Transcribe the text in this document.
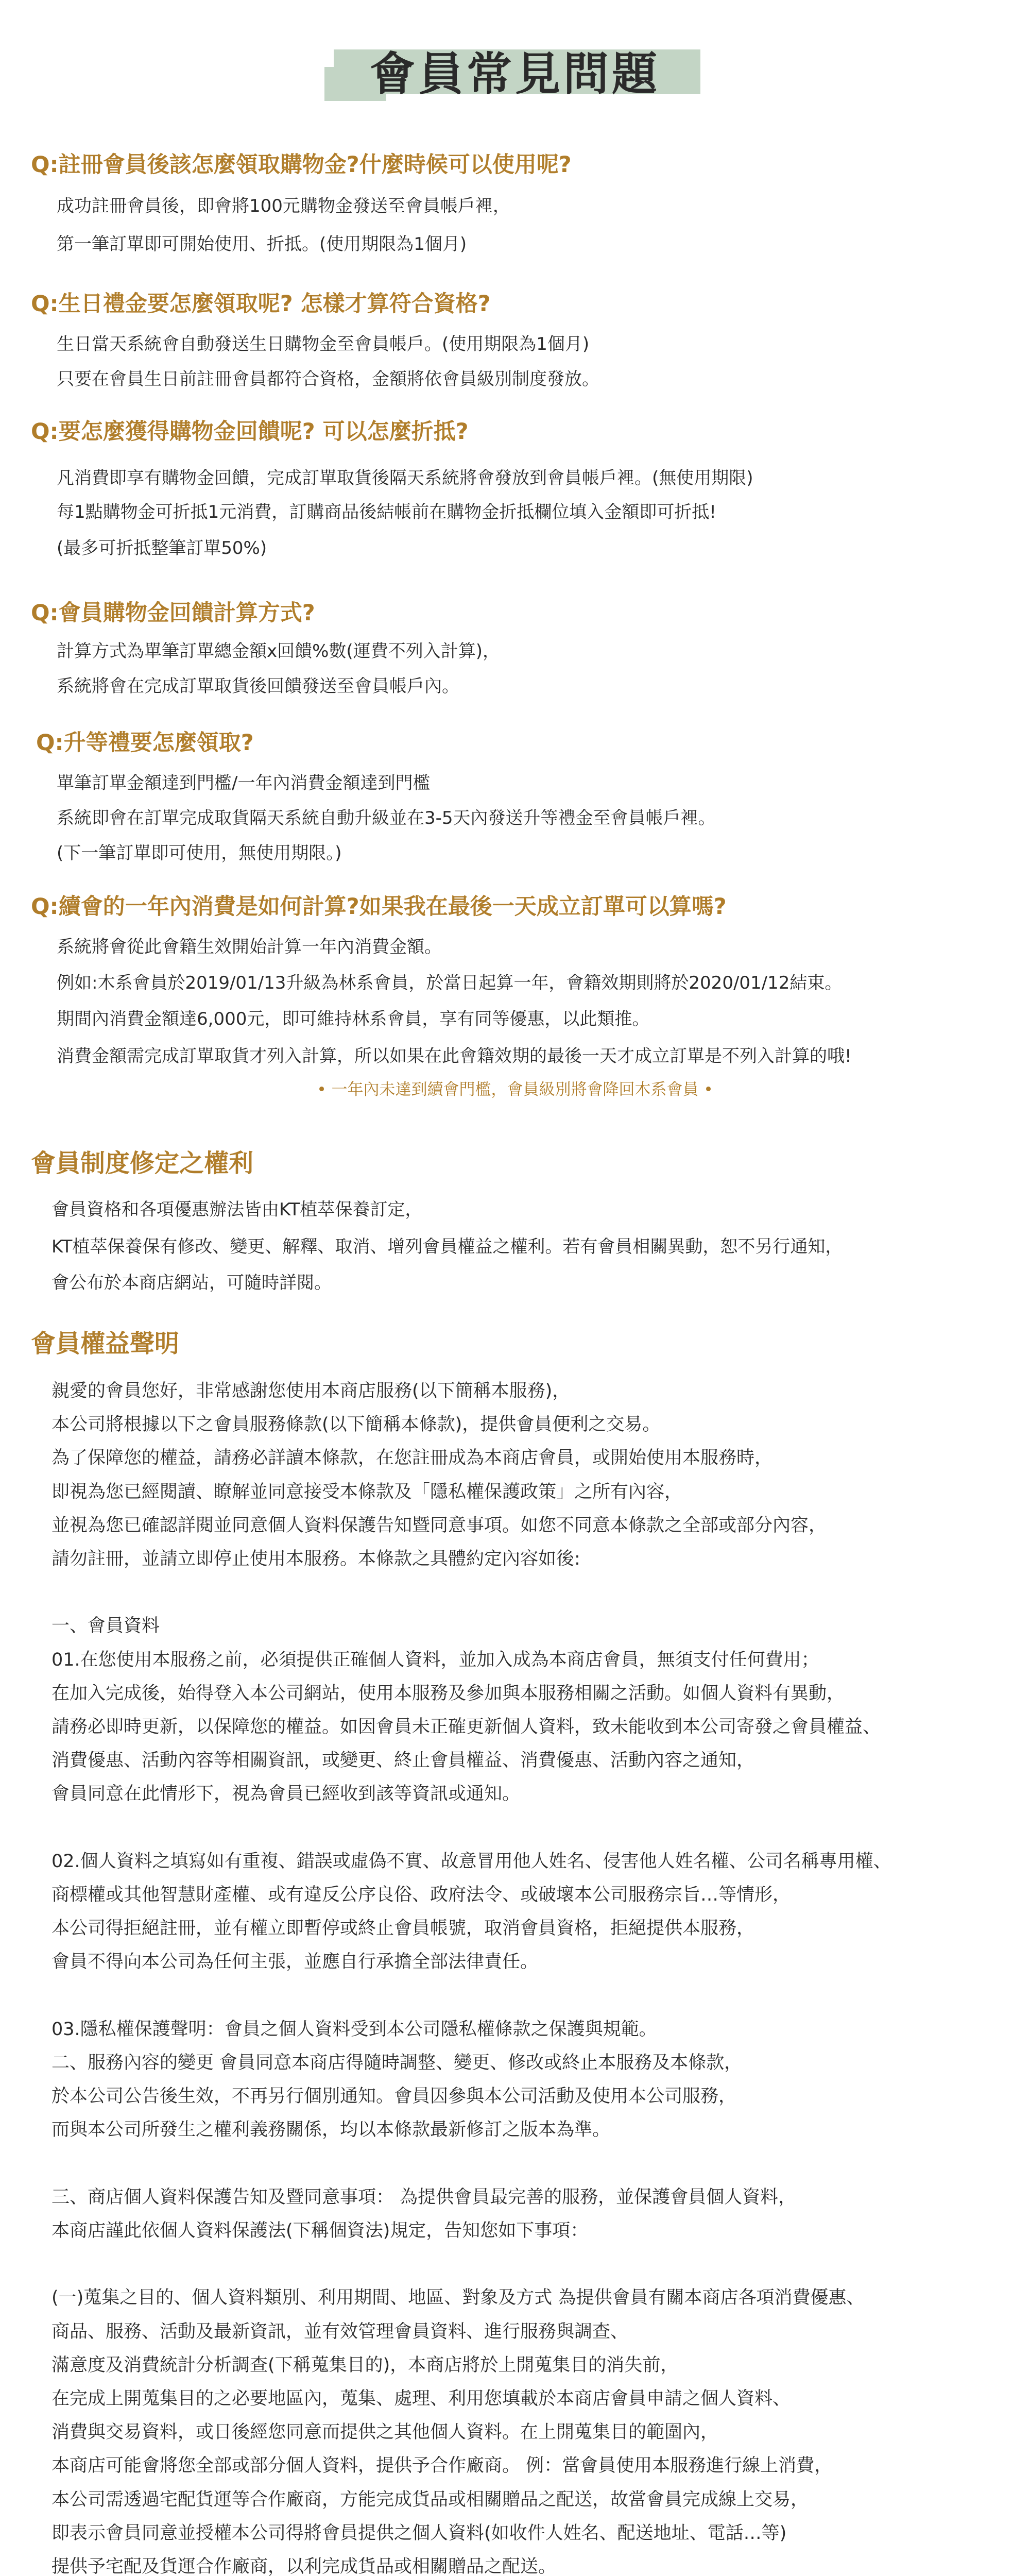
會員常見問題
Q:註冊會員後該怎麼領取購物金?什麼時候可以使用呢?
成功註冊會員後，即會將100元購物金發送至會員帳戶裡，
第一筆訂單即可開始使用、折抵。(使用期限為1個月)
Q:生日禮金要怎麼領取呢? 怎樣才算符合資格?
生日當天系統會自動發送生日購物金至會員帳戶。(使用期限為1個月)
只要在會員生日前註冊會員都符合資格，金額將依會員級別制度發放。
Q:要怎麼獲得購物金回饋呢? 可以怎麼折抵?
凡消費即享有購物金回饋，完成訂單取貨後隔天系統將會發放到會員帳戶裡。(無使用期限)
每1點購物金可折抵1元消費，訂購商品後結帳前在購物金折抵欄位填入金額即可折抵!
(最多可折抵整筆訂單50%)
Q:會員購物金回饋計算方式?
計算方式為單筆訂單總金額x回饋%數(運費不列入計算)，
系統將會在完成訂單取貨後回饋發送至會員帳戶內。
Q:升等禮要怎麼領取?
單筆訂單金額達到門檻/一年內消費金額達到門檻
系統即會在訂單完成取貨隔天系統自動升級並在3-5天內發送升等禮金至會員帳戶裡。
(下一筆訂單即可使用，無使用期限。)
Q:續會的一年內消費是如何計算?如果我在最後一天成立訂單可以算嗎?
系統將會從此會籍生效開始計算一年內消費金額。
例如:木系會員於2019/01/13升級為林系會員，於當日起算一年，會籍效期則將於2020/01/12結束。
期間內消費金額達6,000元，即可維持林系會員，享有同等優惠，以此類推。
消費金額需完成訂單取貨才列入計算，所以如果在此會籍效期的最後一天才成立訂單是不列入計算的哦!
• 一年內未達到續會門檻，會員級別將會降回木系會員 •
會員制度修定之權利
會員資格和各項優惠辦法皆由KT植萃保養訂定，
KT植萃保養保有修改、變更、解釋、取消、增列會員權益之權利。若有會員相關異動，恕不另行通知，
會公布於本商店網站，可隨時詳閱。
會員權益聲明
親愛的會員您好，非常感謝您使用本商店服務(以下簡稱本服務)，
本公司將根據以下之會員服務條款(以下簡稱本條款)，提供會員便利之交易。
為了保障您的權益，請務必詳讀本條款，在您註冊成為本商店會員，或開始使用本服務時，
即視為您已經閱讀、瞭解並同意接受本條款及「隱私權保護政策」之所有內容，
並視為您已確認詳閱並同意個人資料保護告知暨同意事項。如您不同意本條款之全部或部分內容，
請勿註冊，並請立即停止使用本服務。本條款之具體約定內容如後:
一、會員資料
01.在您使用本服務之前，必須提供正確個人資料，並加入成為本商店會員，無須支付任何費用；
在加入完成後，始得登入本公司網站，使用本服務及參加與本服務相關之活動。如個人資料有異動，
請務必即時更新，以保障您的權益。如因會員未正確更新個人資料，致未能收到本公司寄發之會員權益、
消費優惠、活動內容等相關資訊，或變更、終止會員權益、消費優惠、活動內容之通知，
會員同意在此情形下，視為會員已經收到該等資訊或通知。
02.個人資料之填寫如有重複、錯誤或虛偽不實、故意冒用他人姓名、侵害他人姓名權、公司名稱專用權、
商標權或其他智慧財產權、或有違反公序良俗、政府法令、或破壞本公司服務宗旨…等情形，
本公司得拒絕註冊，並有權立即暫停或終止會員帳號，取消會員資格，拒絕提供本服務，
會員不得向本公司為任何主張，並應自行承擔全部法律責任。
03.隱私權保護聲明：會員之個人資料受到本公司隱私權條款之保護與規範。
二、服務內容的變更 會員同意本商店得隨時調整、變更、修改或終止本服務及本條款，
於本公司公告後生效，不再另行個別通知。會員因參與本公司活動及使用本公司服務，
而與本公司所發生之權利義務關係，均以本條款最新修訂之版本為準。
三、商店個人資料保護告知及暨同意事項： 為提供會員最完善的服務，並保護會員個人資料，
本商店謹此依個人資料保護法(下稱個資法)規定，告知您如下事項：
(一)蒐集之目的、個人資料類別、利用期間、地區、對象及方式 為提供會員有關本商店各項消費優惠、
商品、服務、活動及最新資訊，並有效管理會員資料、進行服務與調查、
滿意度及消費統計分析調查(下稱蒐集目的)，本商店將於上開蒐集目的消失前，
在完成上開蒐集目的之必要地區內，蒐集、處理、利用您填載於本商店會員申請之個人資料、
消費與交易資料，或日後經您同意而提供之其他個人資料。在上開蒐集目的範圍內，
本商店可能會將您全部或部分個人資料，提供予合作廠商。 例：當會員使用本服務進行線上消費，
本公司需透過宅配貨運等合作廠商，方能完成貨品或相關贈品之配送，故當會員完成線上交易，
即表示會員同意並授權本公司得將會員提供之個人資料(如收件人姓名、配送地址、電話…等)
提供予宅配及貨運合作廠商，以利完成貨品或相關贈品之配送。
